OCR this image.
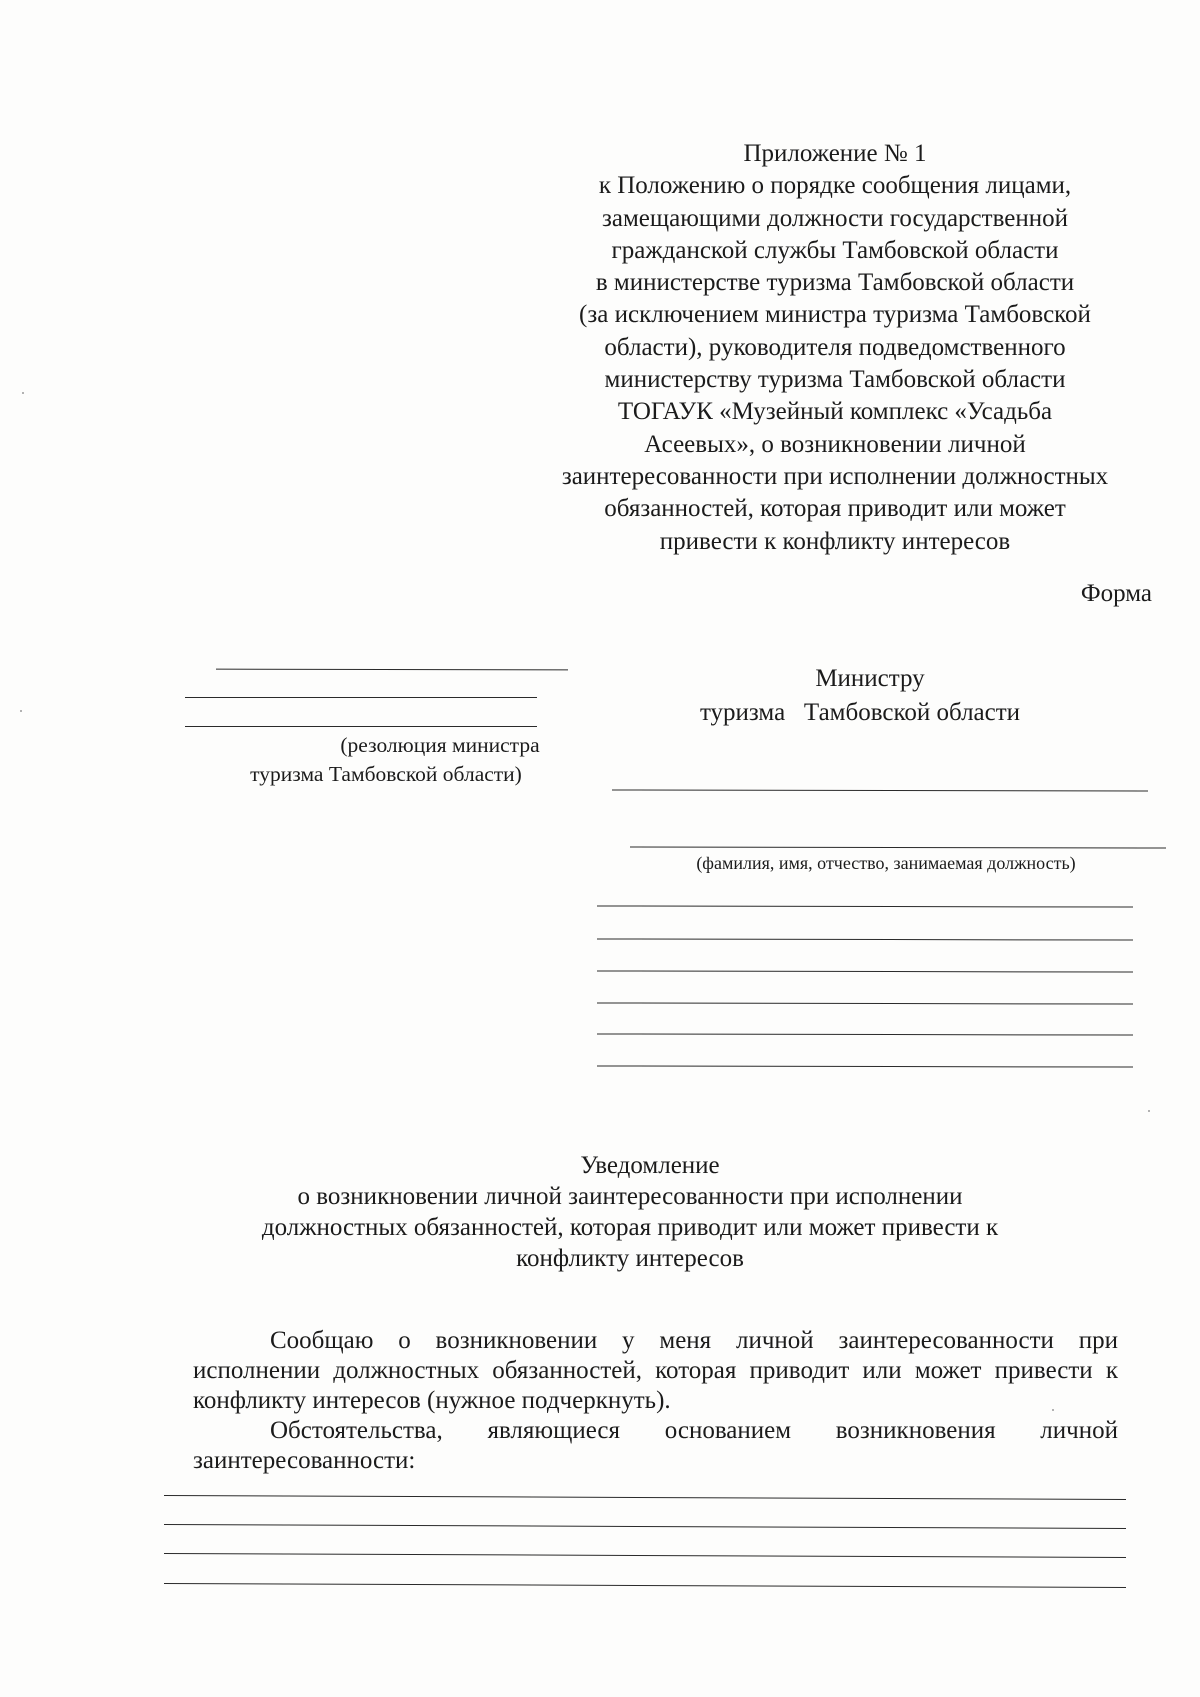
Приложение № 1
к Положению о порядке сообщения лицами,
замещающими должности государственной
гражданской службы Тамбовской области
в министерстве туризма Тамбовской области
(за исключением министра туризма Тамбовской
области), руководителя подведомственного
министерству туризма Тамбовской области
ТОГАУК «Музейный комплекс «Усадьба
Асеевых», о возникновении личной
заинтересованности при исполнении должностных
обязанностей, которая приводит или может
привести к конфликту интересов
Форма
(резолюция министра
туризма Тамбовской области)
Министру
туризма   Тамбовской области
(фамилия, имя, отчество, занимаемая должность)
Уведомление
о возникновении личной заинтересованности при исполнении
должностных обязанностей, которая приводит или может привести к
конфликту интересов

Сообщаю о возникновении у меня личной заинтересованности при исполнении должностных обязанностей, которая приводит или может привести к конфликту интересов (нужное подчеркнуть).

Обстоятельства, являющиеся основанием возникновения личной заинтересованности:
